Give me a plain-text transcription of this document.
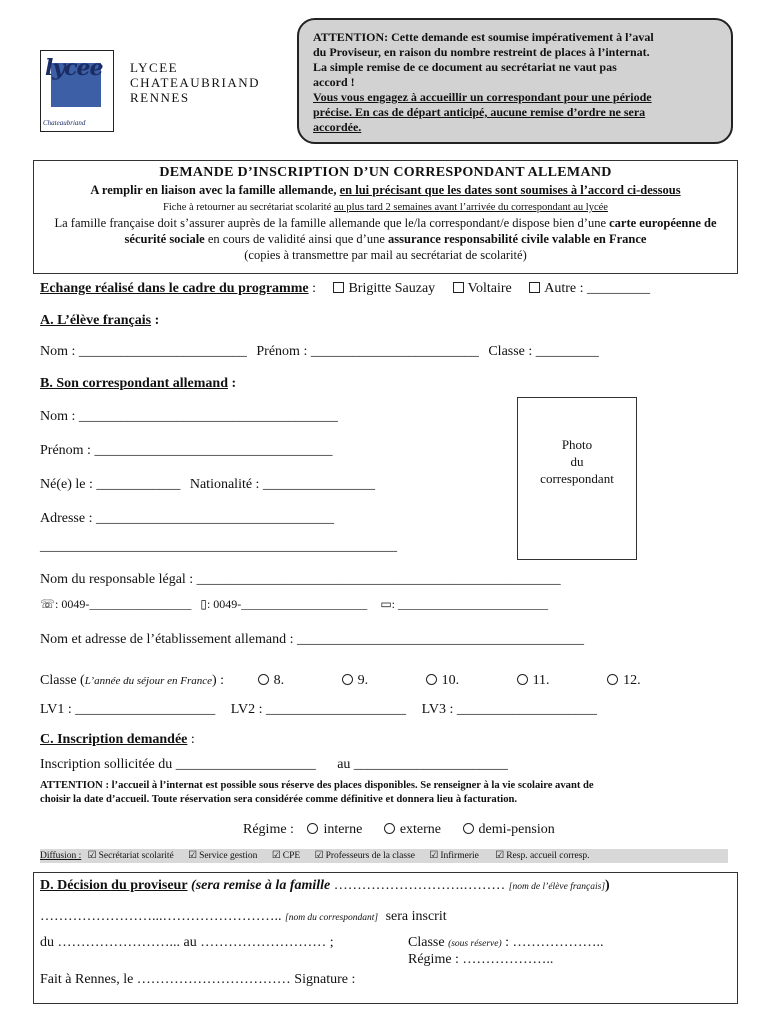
lycee
Chateaubriand
LYCEE
CHATEAUBRIAND
RENNES
ATTENTION: Cette demande est soumise impérativement à l’aval
du Proviseur, en raison du nombre restreint de places à l’internat.
La simple remise de ce document au secrétariat ne vaut pas
accord !
Vous vous engagez à accueillir un correspondant pour une période
précise. En cas de départ anticipé, aucune remise d’ordre ne sera
accordée.
DEMANDE D’INSCRIPTION D’UN CORRESPONDANT ALLEMAND
A remplir en liaison avec la famille allemande, en lui précisant que les dates sont soumises à l’accord ci-dessous
Fiche à retourner au secrétariat scolarité au plus tard 2 semaines avant l’arrivée du correspondant au lycée
La famille française doit s’assurer auprès de la famille allemande que le/la correspondant/e dispose bien d’une carte européenne de sécurité sociale en cours de validité ainsi que d’une assurance responsabilité civile valable en France
(copies à transmettre par mail au secrétariat de scolarité)
Echange réalisé dans le cadre du programme : Brigitte Sauzay Voltaire Autre : _________
A. L’élève français :
Nom : ________________________ Prénom : ________________________ Classe : _________
B. Son correspondant allemand :
Nom : _____________________________________
Prénom : __________________________________
Né(e) le : ____________ Nationalité : ________________
Adresse : __________________________________
___________________________________________________
Photo
du
correspondant
Nom du responsable légal : ____________________________________________________
☏: 0049-_________________ ▯: 0049-_____________________ ▭: _________________________
Nom et adresse de l’établissement allemand : _________________________________________
Classe (L’année du séjour en France) :	8.	9.	10.	11.	12.
LV1 : ____________________ LV2 : ____________________ LV3 : ____________________
C. Inscription demandée :
Inscription sollicitée du ____________________ au ______________________
ATTENTION : l’accueil à l’internat est possible sous réserve des places disponibles. Se renseigner à la vie scolaire avant de
choisir la date d’accueil. Toute réservation sera considérée comme définitive et donnera lieu à facturation.
Régime : interne	externe	demi-pension
Diffusion : ☑ Secrétariat scolarité ☑ Service gestion ☑ CPE ☑ Professeurs de la classe ☑ Infirmerie ☑ Resp. accueil corresp.
D. Décision du proviseur (sera remise à la famille ……………………….……… [nom de l’élève français])
……………………...…………………….. [nom du correspondant] sera inscrit
du ……………………... au ……………………… ;	Classe (sous réserve) : ………………..
Régime : ………………..
Fait à Rennes, le …………………………… Signature :
